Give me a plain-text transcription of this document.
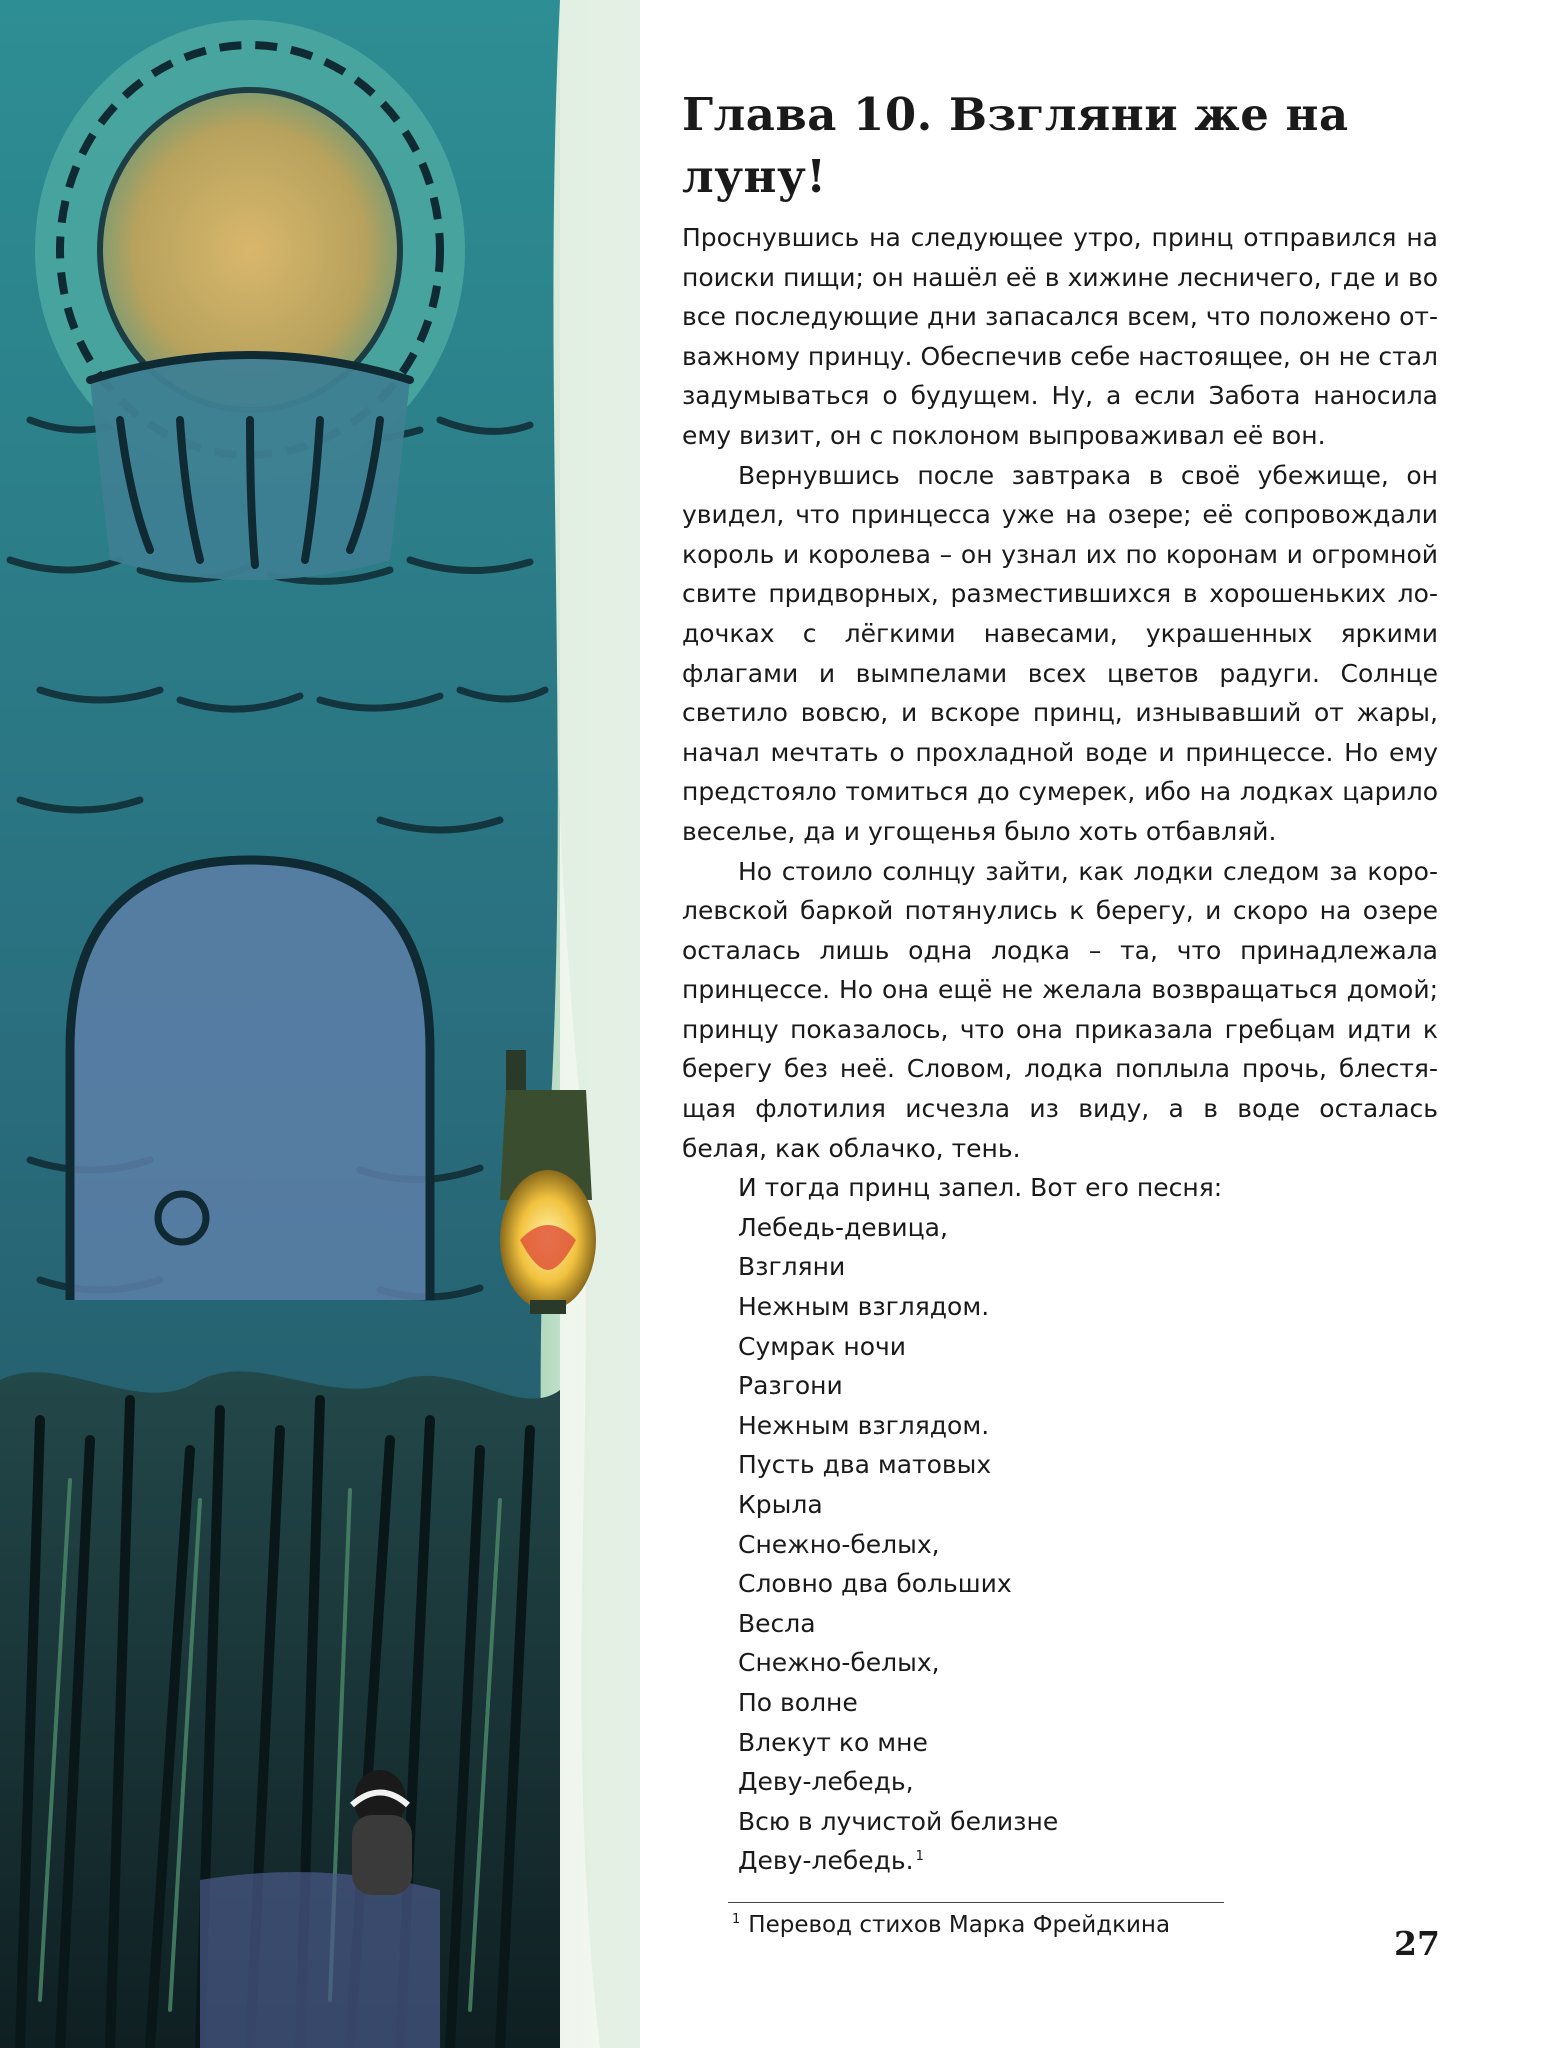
Глава 10. Взгляни же на луну!

Проснувшись на следующее утро, принц отправился на поиски пищи; он нашёл её в хижине лесничего, где и во все последующие дни запасался всем, что положено отважному принцу. Обеспечив себе настоящее, он не стал задумываться о будущем. Ну, а если Забота наносила ему визит, он с поклоном выпроваживал её вон.

Вернувшись после завтрака в своё убежище, он увидел, что принцесса уже на озере; её сопровождали король и королева – он узнал их по коронам и огромной свите придворных, разместившихся в хорошеньких лодочках с лёгкими навесами, украшенных яркими флагами и вымпелами всех цветов радуги. Солнце светило вовсю, и вскоре принц, изнывавший от жары, начал мечтать о прохладной воде и принцессе. Но ему предстояло томиться до сумерек, ибо на лодках царило веселье, да и угощенья было хоть отбавляй.

Но стоило солнцу зайти, как лодки следом за королевской баркой потянулись к берегу, и скоро на озере осталась лишь одна лодка – та, что принадлежала принцессе. Но она ещё не желала возвращаться домой; принцу показалось, что она приказала гребцам идти к берегу без неё. Словом, лодка поплыла прочь, блестящая флотилия исчезла из виду, а в воде осталась белая, как облачко, тень.

И тогда принц запел. Вот его песня:

Лебедь-девица,
Взгляни
Нежным взглядом.
Сумрак ночи
Разгони
Нежным взглядом.
Пусть два матовых
Крыла
Снежно-белых,
Словно два больших
Весла
Снежно-белых,
По волне
Влекут ко мне
Деву-лебедь,
Всю в лучистой белизне
Деву-лебедь. $^1$
$^1$ Перевод стихов Марка Фрейдкина	27
